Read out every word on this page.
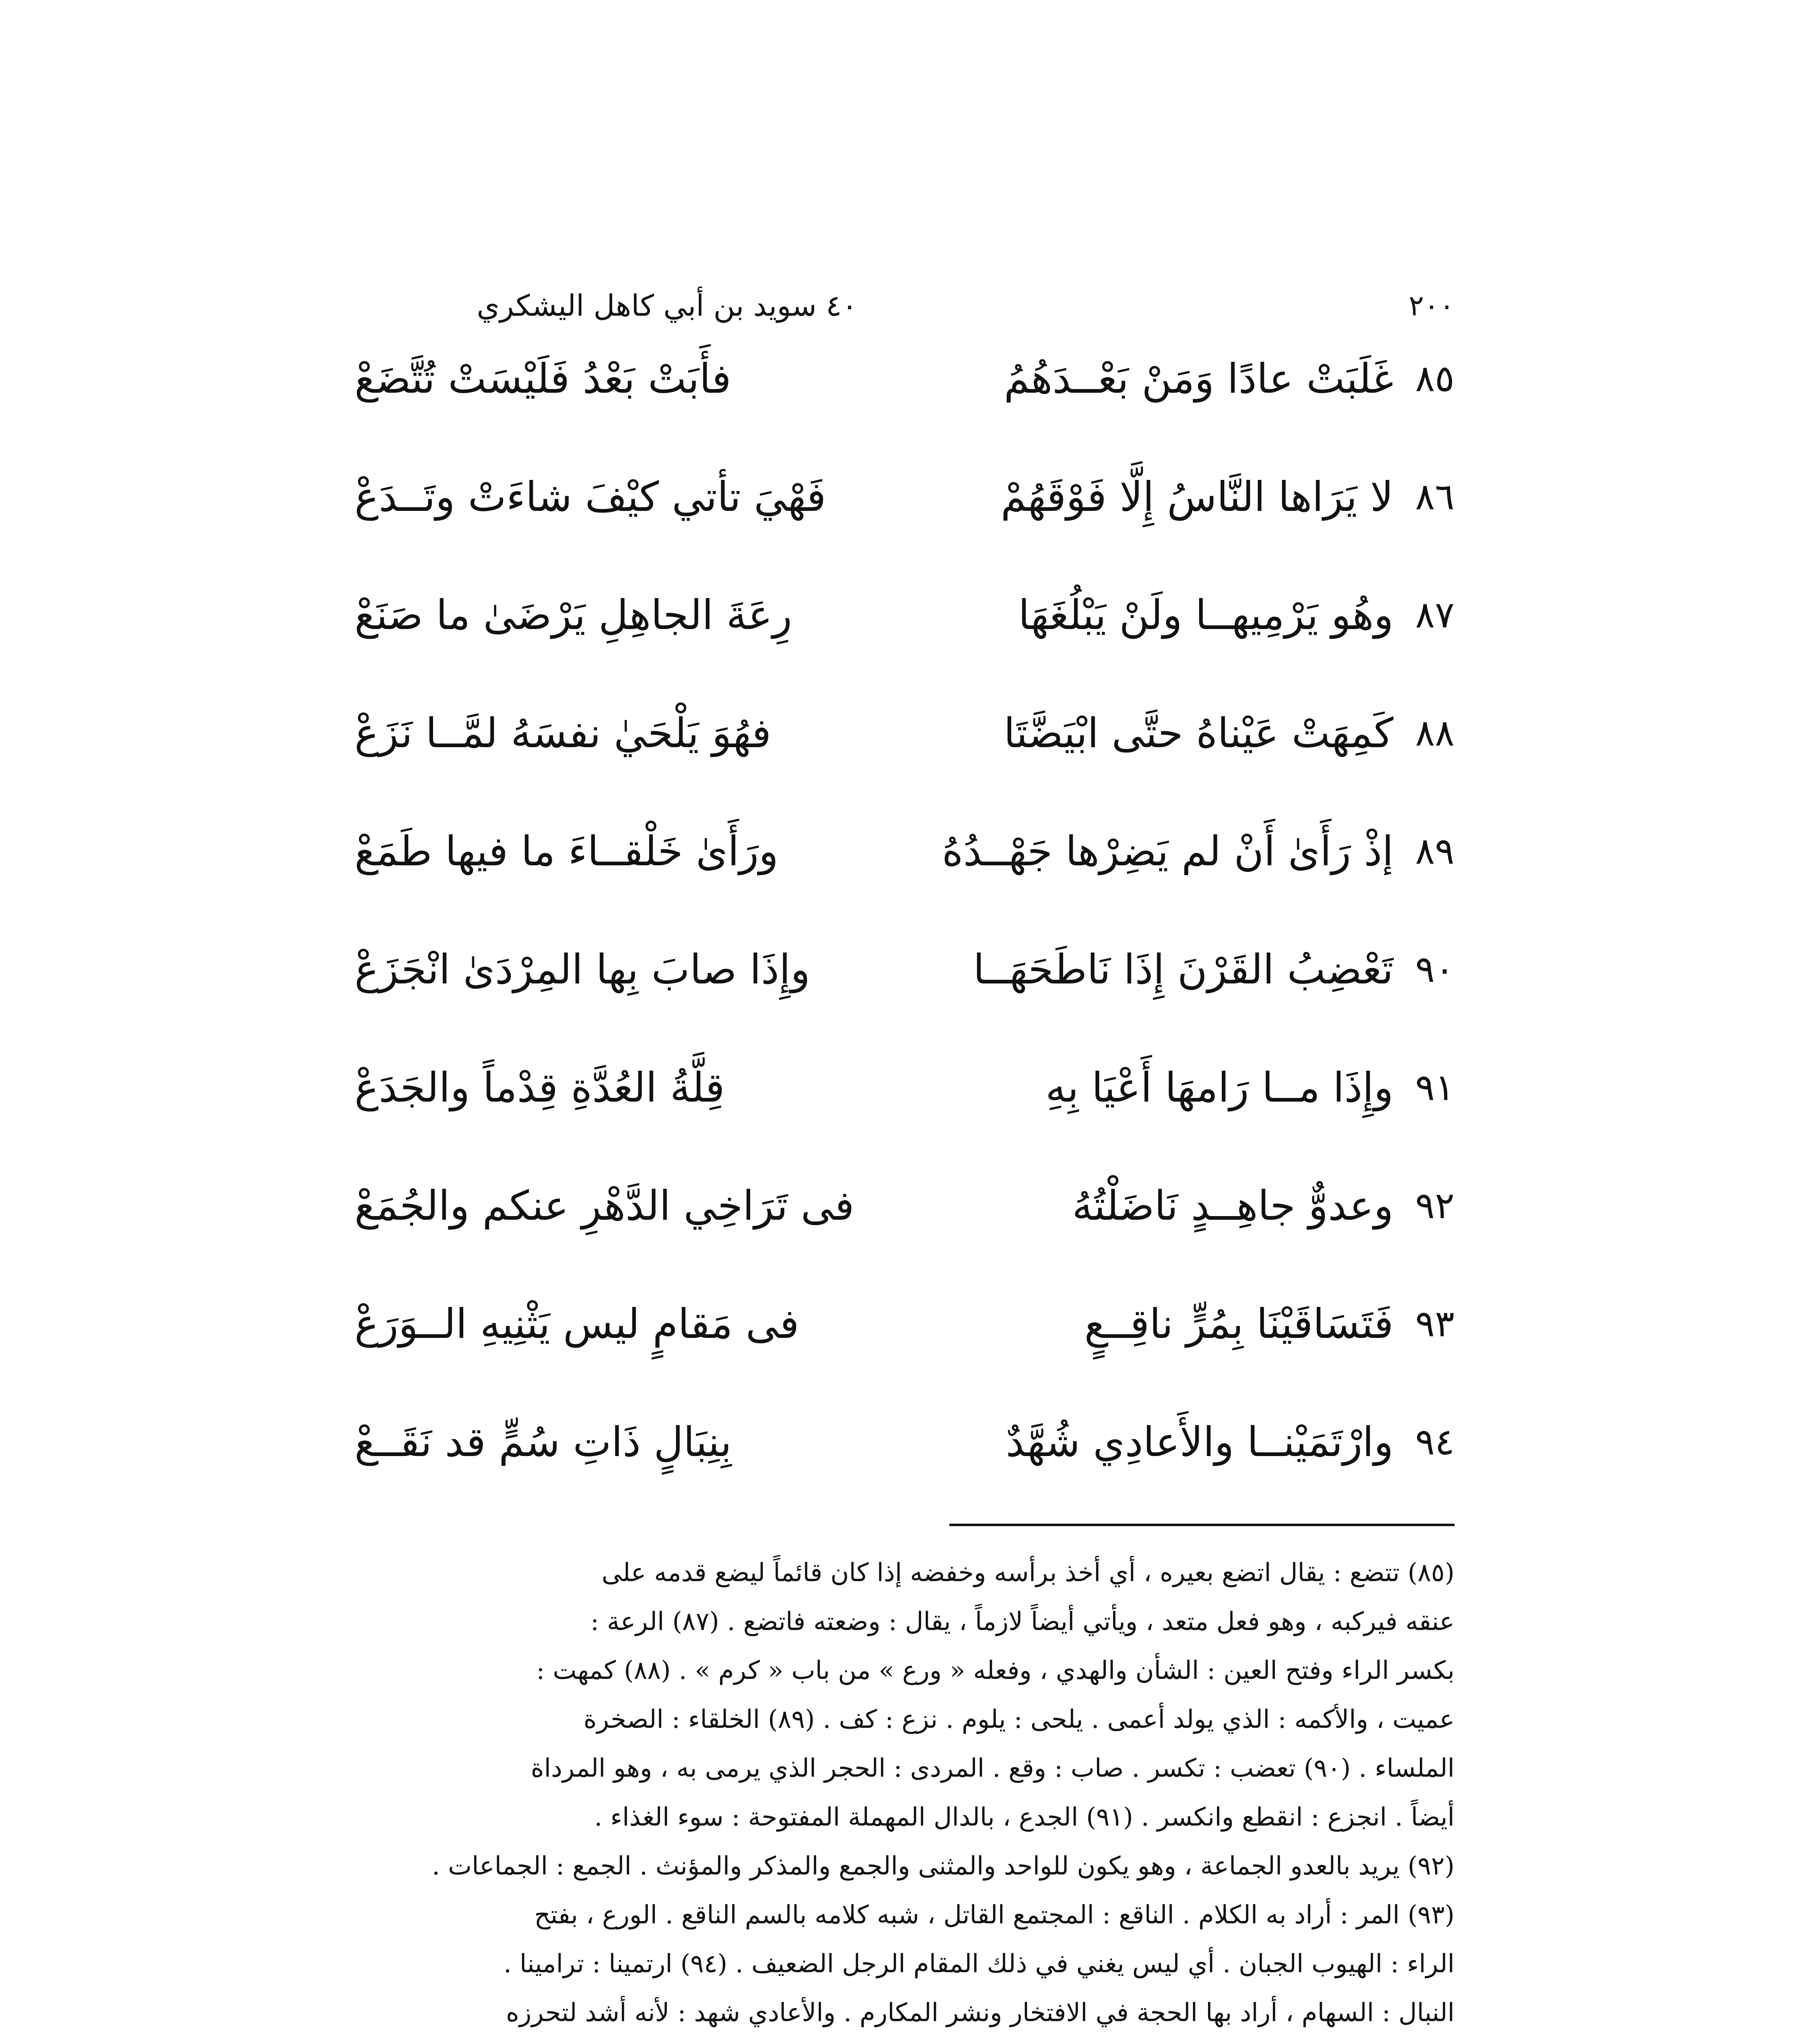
٢٠٠
٤٠ سويد بن أبي كاهل اليشكري
٨٥
غَلَبَتْ عادًا وَمَنْ بَعْــدَهُمُ
فأَبَتْ بَعْدُ فَلَيْسَتْ تُتَّضَعْ
٨٦
لا يَرَاها النَّاسُ إِلَّا فَوْقَهُمْ
فَهْيَ تأتي كيْفَ شاءَتْ وتَــدَعْ
٨٧
وهُو يَرْمِيهــا ولَنْ يَبْلُغَهَا
رِعَةَ الجاهِلِ يَرْضَىٰ ما صَنَعْ
٨٨
كَمِهَتْ عَيْناهُ حتَّى ابْيَضَّتَا
فهُوَ يَلْحَيٰ نفسَهُ لمَّــا نَزَعْ
٨٩
إذْ رَأَىٰ أَنْ لم يَضِرْها جَهْــدُهُ
ورَأَىٰ خَلْقــاءَ ما فيها طَمَعْ
٩٠
تَعْضِبُ القَرْنَ إِذَا نَاطَحَهَــا
وإِذَا صابَ بِها المِرْدَىٰ انْجَزَعْ
٩١
وإِذَا مــا رَامهَا أَعْيَا بِهِ
قِلَّةُ العُدَّةِ قِدْماً والجَدَعْ
٩٢
وعدوٌّ جاهِــدٍ نَاضَلْتُهُ
فى تَرَاخِي الدَّهْرِ عنكم والجُمَعْ
٩٣
فَتَسَاقَيْنَا بِمُرٍّ ناقِــعٍ
فى مَقامٍ ليس يَثْنِيهِ الــوَرَعْ
٩٤
وارْتَمَيْنــا والأَعادِي شُهَّدٌ
بِنِبَالٍ ذَاتِ سُمٍّ قد نَقَــعْ
(٨٥) تتضع : يقال اتضع بعيره ، أي أخذ برأسه وخفضه إذا كان قائماً ليضع قدمه على
عنقه فيركبه ، وهو فعل متعد ، ويأتي أيضاً لازماً ، يقال : وضعته فاتضع . (٨٧) الرعة :
بكسر الراء وفتح العين : الشأن والهدي ، وفعله « ورع » من باب « كرم » . (٨٨) كمهت :
عميت ، والأكمه : الذي يولد أعمى . يلحى : يلوم . نزع : كف . (٨٩) الخلقاء : الصخرة
الملساء . (٩٠) تعضب : تكسر . صاب : وقع . المردى : الحجر الذي يرمى به ، وهو المرداة
أيضاً . انجزع : انقطع وانكسر . (٩١) الجدع ، بالدال المهملة المفتوحة : سوء الغذاء .
(٩٢) يريد بالعدو الجماعة ، وهو يكون للواحد والمثنى والجمع والمذكر والمؤنث . الجمع : الجماعات .
(٩٣) المر : أراد به الكلام . الناقع : المجتمع القاتل ، شبه كلامه بالسم الناقع . الورع ، بفتح
الراء : الهيوب الجبان . أي ليس يغني في ذلك المقام الرجل الضعيف . (٩٤) ارتمينا : ترامينا .
النبال : السهام ، أراد بها الحجة في الافتخار ونشر المكارم . والأعادي شهد : لأنه أشد لتحرزه
